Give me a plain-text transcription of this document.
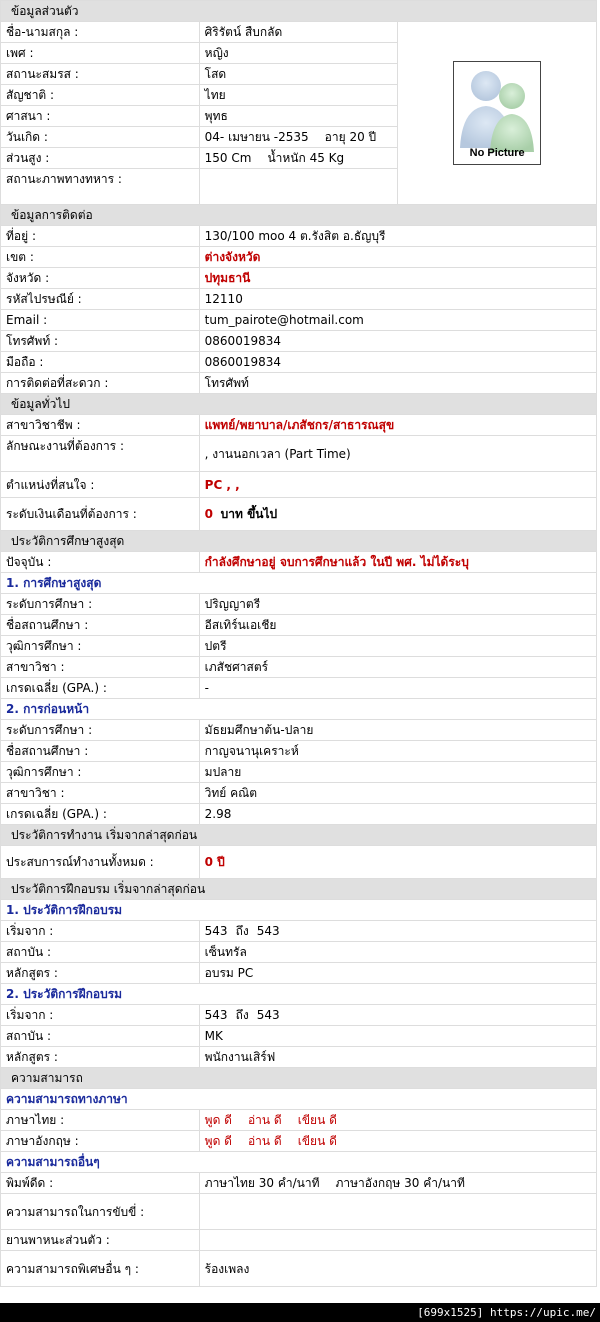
ข้อมูลส่วนตัว		
ชื่อ-นามสกุล :	ศิริรัตน์ สืบกลัด	No Picture

เพศ :	หญิง	
สถานะสมรส :	โสด	
สัญชาติ :	ไทย	
ศาสนา :	พุทธ	
วันเกิด :	04- เมษายน -2535 อายุ 20 ปี	
ส่วนสูง :	150 Cm น้ำหนัก 45 Kg	
สถานะภาพทางทหาร :		
ข้อมูลการติดต่อ		
ที่อยู่ :	130/100 moo 4 ต.รังสิต อ.ธัญบุรี	
เขต :	ต่างจังหวัด	
จังหวัด :	ปทุมธานี	
รหัสไปรษณีย์ :	12110	
Email :	tum_pairote@hotmail.com	
โทรศัพท์ :	0860019834	
มือถือ :	0860019834	
การติดต่อที่สะดวก :	โทรศัพท์	
ข้อมูลทั่วไป		
สาขาวิชาชีพ :	แพทย์/พยาบาล/เภสัชกร/สาธารณสุข	
ลักษณะงานที่ต้องการ :	, งานนอกเวลา (Part Time)	
ตำแหน่งที่สนใจ :	PC , ,	
ระดับเงินเดือนที่ต้องการ :	0 บาท ขึ้นไป	
ประวัติการศึกษาสูงสุด		
ปัจจุบัน :	กำลังศึกษาอยู่ จบการศึกษาแล้ว ในปี พศ. ไม่ได้ระบุ	
1. การศึกษาสูงสุด		
ระดับการศึกษา :	ปริญญาตรี	
ชื่อสถานศึกษา :	อีสเทิร์นเอเชีย	
วุฒิการศึกษา :	ปตรี	
สาขาวิชา :	เภสัชศาสตร์	
เกรดเฉลี่ย (GPA.) :	-	
2. การก่อนหน้า		
ระดับการศึกษา :	มัธยมศึกษาต้น-ปลาย	
ชื่อสถานศึกษา :	กาญจนานุเคราะห์	
วุฒิการศึกษา :	มปลาย	
สาขาวิชา :	วิทย์ คณิต	
เกรดเฉลี่ย (GPA.) :	2.98	
ประวัติการทำงาน เริ่มจากล่าสุดก่อน		
ประสบการณ์ทำงานทั้งหมด :	0 ปี	
ประวัติการฝึกอบรม เริ่มจากล่าสุดก่อน		
1. ประวัติการฝึกอบรม		
เริ่มจาก :	543 ถึง 543	
สถาบัน :	เซ็นทรัล	
หลักสูตร :	อบรม PC	
2. ประวัติการฝึกอบรม		
เริ่มจาก :	543 ถึง 543	
สถาบัน :	MK	
หลักสูตร :	พนักงานเสิร์ฟ	
ความสามารถ		
ความสามารถทางภาษา		
ภาษาไทย :	พูด ดี อ่าน ดี เขียน ดี	
ภาษาอังกฤษ :	พูด ดี อ่าน ดี เขียน ดี	
ความสามารถอื่นๆ		
พิมพ์ดีด :	ภาษาไทย 30 คำ/นาที ภาษาอังกฤษ 30 คำ/นาที	
ความสามารถในการขับขี่ :		
ยานพาหนะส่วนตัว :		
ความสามารถพิเศษอื่น ๆ :	ร้องเพลง	
[699x1525] https://upic.me/
